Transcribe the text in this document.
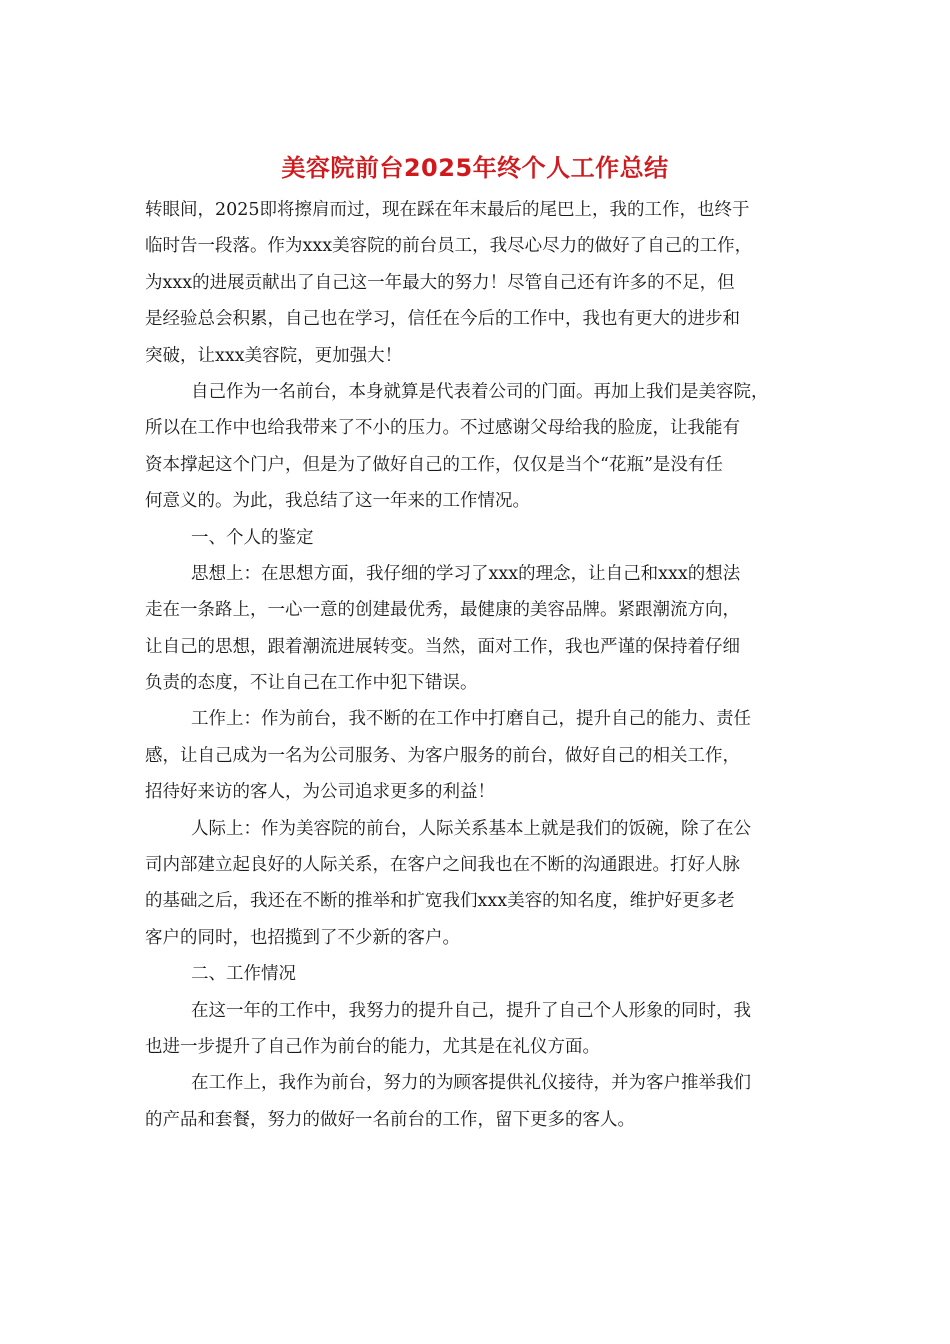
美容院前台2025年终个人工作总结
转眼间，2025即将擦肩而过，现在踩在年末最后的尾巴上，我的工作，也终于
临时告一段落。作为xxx美容院的前台员工，我尽心尽力的做好了自己的工作，
为xxx的进展贡献出了自己这一年最大的努力！尽管自己还有许多的不足，但
是经验总会积累，自己也在学习，信任在今后的工作中，我也有更大的进步和
突破，让xxx美容院，更加强大！
自己作为一名前台，本身就算是代表着公司的门面。再加上我们是美容院，
所以在工作中也给我带来了不小的压力。不过感谢父母给我的脸庞，让我能有
资本撑起这个门户，但是为了做好自己的工作，仅仅是当个“花瓶”是没有任
何意义的。为此，我总结了这一年来的工作情况。
一、个人的鉴定
思想上：在思想方面，我仔细的学习了xxx的理念，让自己和xxx的想法
走在一条路上，一心一意的创建最优秀，最健康的美容品牌。紧跟潮流方向，
让自己的思想，跟着潮流进展转变。当然，面对工作，我也严谨的保持着仔细
负责的态度，不让自己在工作中犯下错误。
工作上：作为前台，我不断的在工作中打磨自己，提升自己的能力、责任
感，让自己成为一名为公司服务、为客户服务的前台，做好自己的相关工作，
招待好来访的客人，为公司追求更多的利益！
人际上：作为美容院的前台，人际关系基本上就是我们的饭碗，除了在公
司内部建立起良好的人际关系，在客户之间我也在不断的沟通跟进。打好人脉
的基础之后，我还在不断的推举和扩宽我们xxx美容的知名度，维护好更多老
客户的同时，也招揽到了不少新的客户。
二、工作情况
在这一年的工作中，我努力的提升自己，提升了自己个人形象的同时，我
也进一步提升了自己作为前台的能力，尤其是在礼仪方面。
在工作上，我作为前台，努力的为顾客提供礼仪接待，并为客户推举我们
的产品和套餐，努力的做好一名前台的工作，留下更多的客人。
